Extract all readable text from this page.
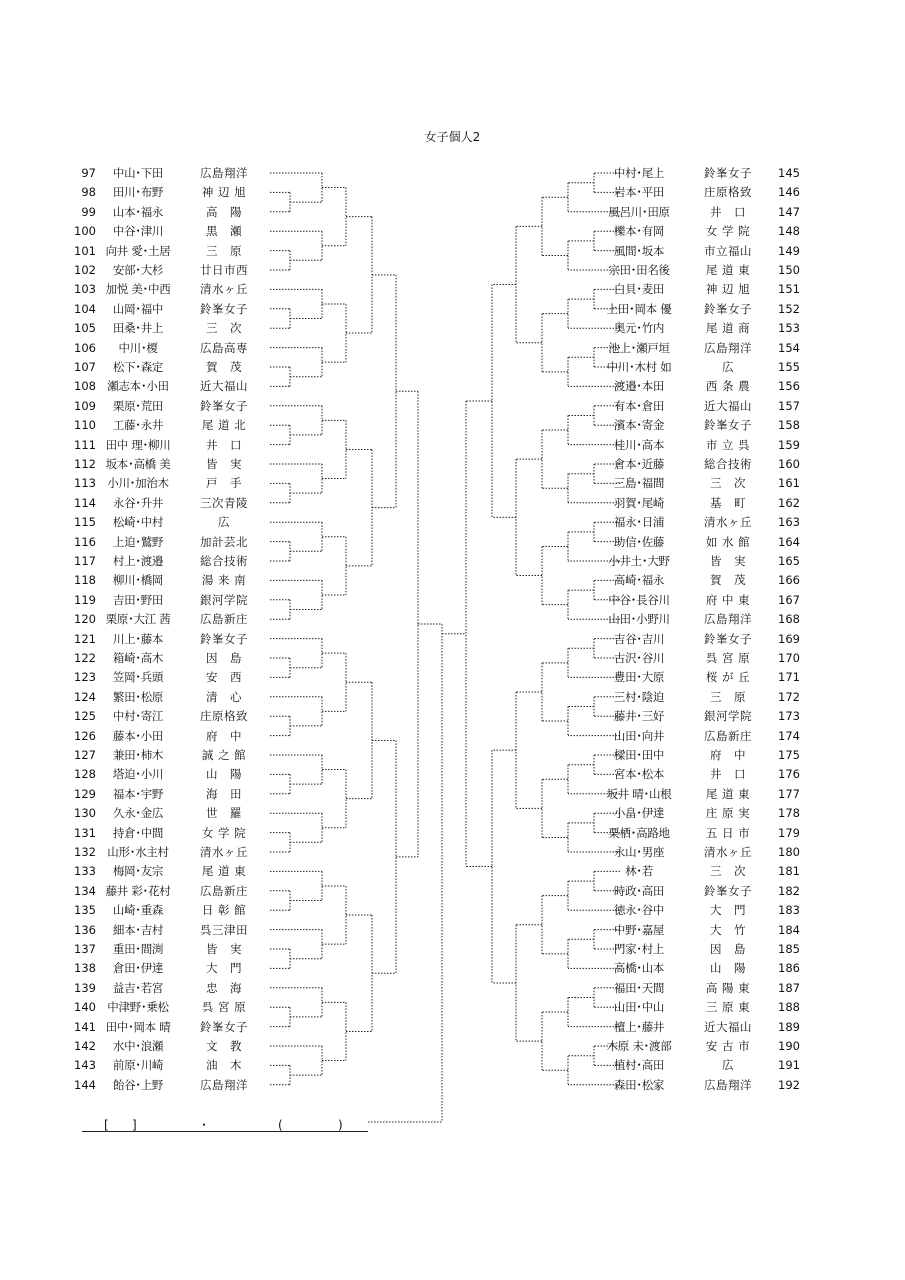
女子個人2
97	中山･下田	広島翔洋
98	田川･布野	神 辺 旭
99	山本･福永	高　陽
100	中谷･津川	黒　瀬
101 向井 愛･土居	三　原
102	安部･大杉	廿日市西
103 加悦 美･中西	清水ヶ丘
104	山岡･福中	鈴峯女子
105	田桑･井上	三　次
106	中川･榎	広島高専
107	松下･森定	賀　茂
108 瀬志本･小田	近大福山
109	栗原･荒田	鈴峯女子
110	工藤･永井	尾 道 北
111 田中 理･柳川	井　口
112 坂本･高橋 美	皆　実
113 小川･加治木	戸　手
114	永谷･升井	三次青陵
115	松崎･中村	広
116	上迫･鷲野	加計芸北
117	村上･渡邉	総合技術
118	柳川･橋岡	湯 来 南
119	吉田･野田	銀河学院
120 栗原･大江 茜	広島新庄
121	川上･藤本	鈴峯女子
122	箱崎･高木	因　島
123	笠岡･兵頭	安　西
124	繁田･松原	清　心
125	中村･寄江	庄原格致
126	藤本･小田	府　中
127	兼田･柿木	誠 之 館
128	塔迫･小川	山　陽
129	福本･宇野	海　田
130	久永･金広	世　羅
131	持倉･中間	女 学 院
132 山形･水主村	清水ヶ丘
133	梅岡･友宗	尾 道 東
134 藤井 彩･花村	広島新庄
135	山崎･重森	日 彰 館
136	細本･吉村	呉三津田
137	重田･間渕	皆　実
138	倉田･伊達	大　門
139	益吉･若宮	忠　海
140 中津野･乗松	呉 宮 原
141 田中･岡本 晴	鈴峯女子
142	水中･浪瀬	文　教
143	前原･川崎	油　木
144	飴谷･上野	広島翔洋
中村･尾上	鈴峯女子	145
岩本･平田	庄原格致	146
風呂川･田原	井　口	147
櫟本･有岡	女 学 院	148
風間･坂本	市立福山	149
宗田･田名後	尾 道 東	150
白貝･麦田	神 辺 旭	151
上田･岡本 優	鈴峯女子	152
奥元･竹内	尾 道 商	153
池上･瀬戸垣	広島翔洋	154
中川･木村 如	広	155
渡邉･本田	西 条 農	156
有本･倉田	近大福山	157
濱本･寄金	鈴峯女子	158
桂川･高本	市 立 呉	159
倉本･近藤	総合技術	160
三島･福間	三　次	161
羽賀･尾崎	基　町	162
福永･日浦	清水ヶ丘	163
助信･佐藤	如 水 館	164
小井土･大野	皆　実	165
高崎･福永	賀　茂	166
中谷･長谷川	府 中 東	167
山田･小野川	広島翔洋	168
吉谷･吉川	鈴峯女子	169
古沢･谷川	呉 宮 原	170
豊田･大原	桜 が 丘	171
三村･陰迫	三　原	172
藤井･三好	銀河学院	173
山田･向井	広島新庄	174
樑田･田中	府　中	175
宮本･松本	井　口	176
坂井 晴･山根	尾 道 東	177
小畠･伊達	庄 原 実	178
栗栖･高路地	五 日 市	179
永山･男座	清水ヶ丘	180
林･若	三　次	181
時政･高田	鈴峯女子	182
徳永･谷中	大　門	183
中野･嘉屋	大　竹	184
門家･村上	因　島	185
高橋･山本	山　陽	186
福田･天間	高 陽 東	187
山田･中山	三 原 東	188
檀上･藤井	近大福山	189
木原 未･渡部	安 古 市	190
植村･高田	広	191
森田･松家	広島翔洋	192
[ ]	・	(	)
